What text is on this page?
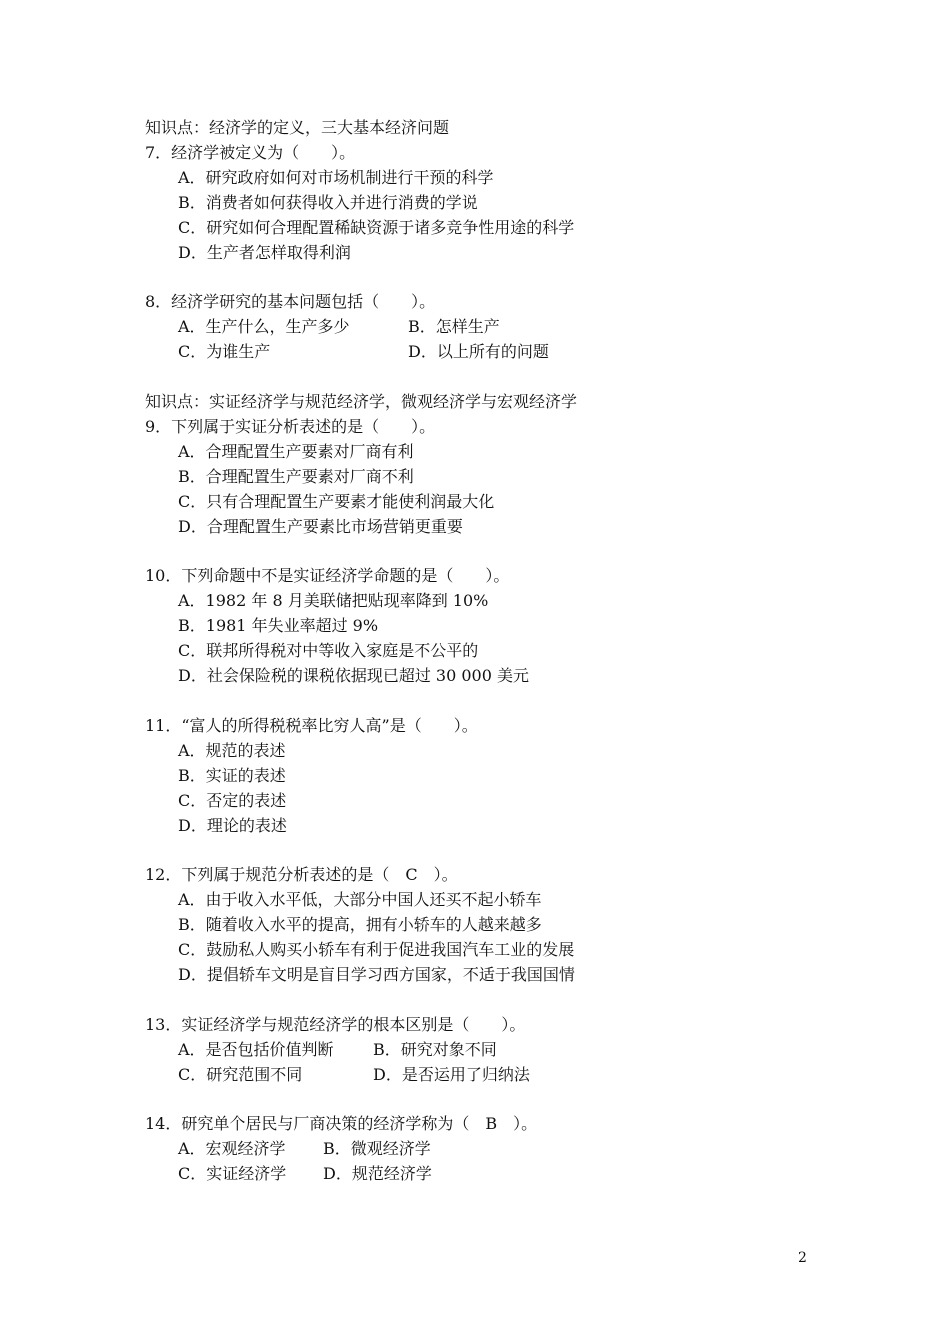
知识点：经济学的定义，三大基本经济问题
7．经济学被定义为（　　）。
A．研究政府如何对市场机制进行干预的科学
B．消费者如何获得收入并进行消费的学说
C．研究如何合理配置稀缺资源于诸多竞争性用途的科学
D．生产者怎样取得利润
8．经济学研究的基本问题包括（　　）。
A．生产什么，生产多少	B．怎样生产
C．为谁生产	D．以上所有的问题
知识点：实证经济学与规范经济学，微观经济学与宏观经济学
9．下列属于实证分析表述的是（　　）。
A．合理配置生产要素对厂商有利
B．合理配置生产要素对厂商不利
C．只有合理配置生产要素才能使利润最大化
D．合理配置生产要素比市场营销更重要
10．下列命题中不是实证经济学命题的是（　　）。
A．1982 年 8 月美联储把贴现率降到 10%
B．1981 年失业率超过 9%
C．联邦所得税对中等收入家庭是不公平的
D．社会保险税的课税依据现已超过 30 000 美元
11．“富人的所得税税率比穷人高”是（　　）。
A．规范的表述
B．实证的表述
C．否定的表述
D．理论的表述
12．下列属于规范分析表述的是（　C　）。
A．由于收入水平低，大部分中国人还买不起小轿车
B．随着收入水平的提高，拥有小轿车的人越来越多
C．鼓励私人购买小轿车有利于促进我国汽车工业的发展
D．提倡轿车文明是盲目学习西方国家，不适于我国国情
13．实证经济学与规范经济学的根本区别是（　　）。
A．是否包括价值判断 B．研究对象不同
C．研究范围不同	D．是否运用了归纳法
14．研究单个居民与厂商决策的经济学称为（　B　）。
A．宏观经济学 B．微观经济学
C．实证经济学 D．规范经济学
2
